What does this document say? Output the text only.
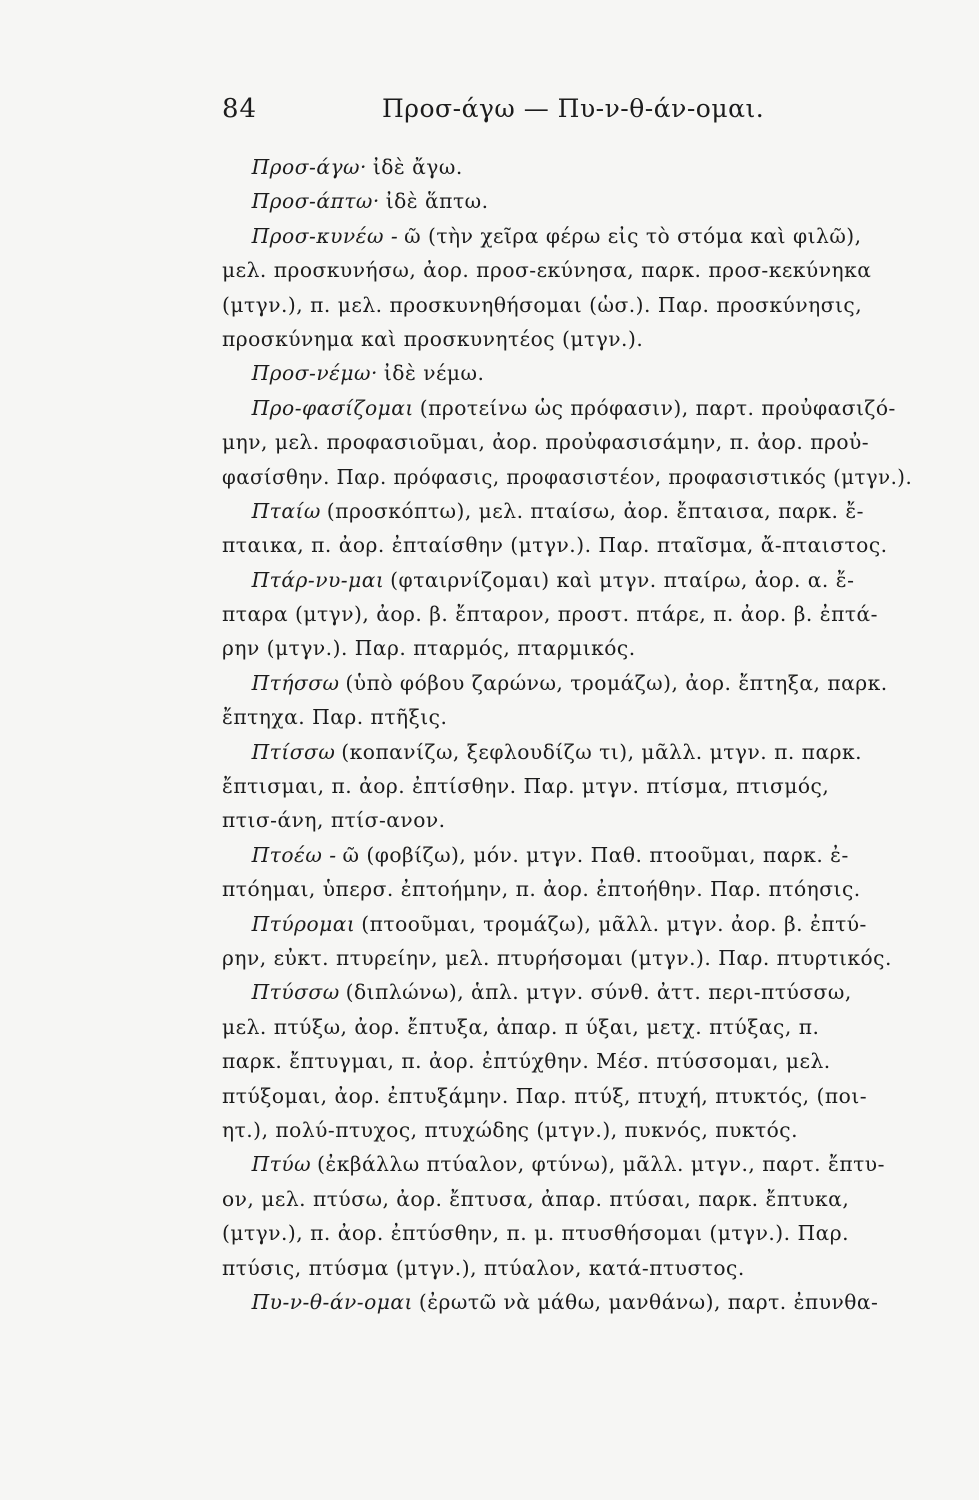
84	Προσ-άγω — Πυ-ν-θ-άν-ομαι.
Προσ-άγω· ἰδὲ ἄγω.
Προσ-άπτω· ἰδὲ ἅπτω.
Προσ-κυνέω - ῶ (τὴν χεῖρα φέρω εἰς τὸ στόμα καὶ φιλῶ),
μελ. προσκυνήσω, ἀορ. προσ-εκύνησα, παρκ. προσ-κεκύνηκα
(μτγν.), π. μελ. προσκυνηθήσομαι (ὡσ.). Παρ. προσκύνησις,
προσκύνημα καὶ προσκυνητέος (μτγν.).
Προσ-νέμω· ἰδὲ νέμω.
Προ-φασίζομαι (προτείνω ὡς πρόφασιν), παρτ. προὐφασιζό-
μην, μελ. προφασιοῦμαι, ἀορ. προὐφασισάμην, π. ἀορ. προὐ-
φασίσθην. Παρ. πρόφασις, προφασιστέον, προφασιστικός (μτγν.).
Πταίω (προσκόπτω), μελ. πταίσω, ἀορ. ἔπταισα, παρκ. ἔ-
πταικα, π. ἀορ. ἐπταίσθην (μτγν.). Παρ. πταῖσμα, ἄ-πταιστος.
Πτάρ-νυ-μαι (φταιρνίζομαι) καὶ μτγν. πταίρω, ἀορ. α. ἔ-
πταρα (μτγν), ἀορ. β. ἔπταρον, προστ. πτάρε, π. ἀορ. β. ἐπτά-
ρην (μτγν.). Παρ. πταρμός, πταρμικός.
Πτήσσω (ὑπὸ φόβου ζαρώνω, τρομάζω), ἀορ. ἔπτηξα, παρκ.
ἔπτηχα. Παρ. πτῆξις.
Πτίσσω (κοπανίζω, ξεφλουδίζω τι), μᾶλλ. μτγν. π. παρκ.
ἔπτισμαι, π. ἀορ. ἐπτίσθην. Παρ. μτγν. πτίσμα, πτισμός,
πτισ-άνη, πτίσ-ανον.
Πτοέω - ῶ (φοβίζω), μόν. μτγν. Παθ. πτοοῦμαι, παρκ. ἐ-
πτόημαι, ὑπερσ. ἐπτοήμην, π. ἀορ. ἐπτοήθην. Παρ. πτόησις.
Πτύρομαι (πτοοῦμαι, τρομάζω), μᾶλλ. μτγν. ἀορ. β. ἐπτύ-
ρην, εὐκτ. πτυρείην, μελ. πτυρήσομαι (μτγν.). Παρ. πτυρτικός.
Πτύσσω (διπλώνω), ἁπλ. μτγν. σύνθ. ἀττ. περι-πτύσσω,
μελ. πτύξω, ἀορ. ἔπτυξα, ἀπαρ. π ύξαι, μετχ. πτύξας, π.
παρκ. ἔπτυγμαι, π. ἀορ. ἐπτύχθην. Μέσ. πτύσσομαι, μελ.
πτύξομαι, ἀορ. ἐπτυξάμην. Παρ. πτύξ, πτυχή, πτυκτός, (ποι-
ητ.), πολύ-πτυχος, πτυχώδης (μτγν.), πυκνός, πυκτός.
Πτύω (ἐκβάλλω πτύαλον, φτύνω), μᾶλλ. μτγν., παρτ. ἔπτυ-
ον, μελ. πτύσω, ἀορ. ἔπτυσα, ἀπαρ. πτύσαι, παρκ. ἔπτυκα,
(μτγν.), π. ἀορ. ἐπτύσθην, π. μ. πτυσθήσομαι (μτγν.). Παρ.
πτύσις, πτύσμα (μτγν.), πτύαλον, κατά-πτυστος.
Πυ-ν-θ-άν-ομαι (ἐρωτῶ νὰ μάθω, μανθάνω), παρτ. ἐπυνθα-
